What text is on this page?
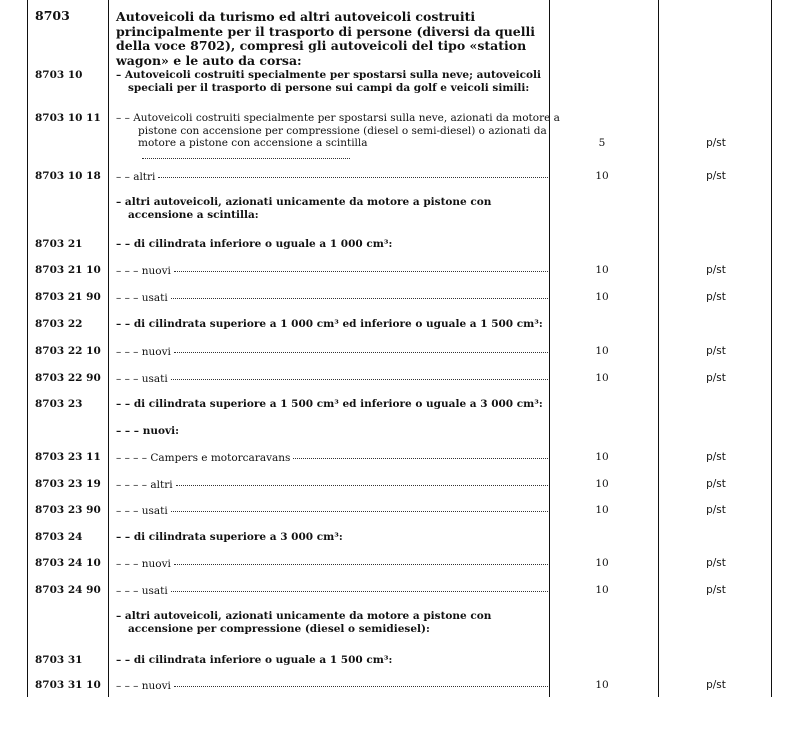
8703	Autoveicoli da turismo ed altri autoveicoli costruiti principalmente per il trasporto di persone (diversi da quelli della voce 8702), compresi gli autoveicoli del tipo «station wagon» e le auto da corsa:
8703 10	– Autoveicoli costruiti specialmente per spostarsi sulla neve; autoveicoli speciali per il trasporto di persone sui campi da golf e veicoli simili:
8703 10 11 – – Autoveicoli costruiti specialmente per spostarsi sulla neve, azionati da motore a pistone con accensione per compressione (diesel o semi-diesel) o azionati da motore a pistone con accensione a scintilla	5	p/st
8703 10 18 – – altri	10	p/st
– altri autoveicoli, azionati unicamente da motore a pistone con accensione a scintilla:
8703 21	– – di cilindrata inferiore o uguale a 1 000 cm³:
8703 21 10 – – – nuovi	10	p/st
8703 21 90 – – – usati	10	p/st
8703 22	– – di cilindrata superiore a 1 000 cm³ ed inferiore o uguale a 1 500 cm³:
8703 22 10 – – – nuovi	10	p/st
8703 22 90 – – – usati	10	p/st
8703 23	– – di cilindrata superiore a 1 500 cm³ ed inferiore o uguale a 3 000 cm³:
– – – nuovi:
8703 23 11 – – – – Campers e motorcaravans	10	p/st
8703 23 19 – – – – altri	10	p/st
8703 23 90 – – – usati	10	p/st
8703 24	– – di cilindrata superiore a 3 000 cm³:
8703 24 10 – – – nuovi	10	p/st
8703 24 90 – – – usati	10	p/st
– altri autoveicoli, azionati unicamente da motore a pistone con accensione per compressione (diesel o semidiesel):
8703 31	– – di cilindrata inferiore o uguale a 1 500 cm³:
8703 31 10 – – – nuovi	10	p/st
